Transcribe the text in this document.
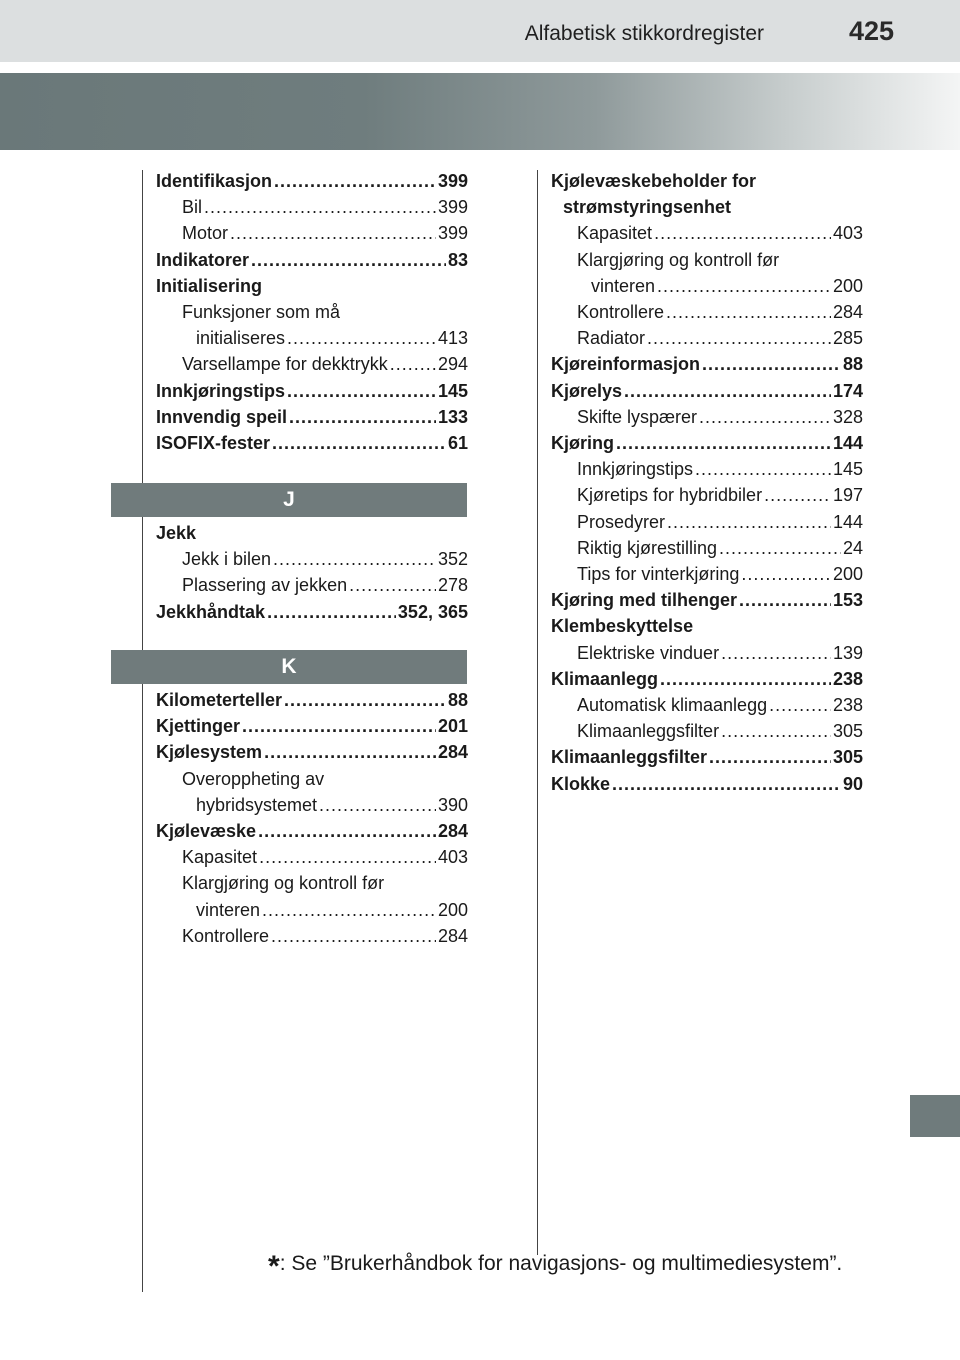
Alfabetisk stikkordregister	425
Identifikasjon .....	399
Bil .....	399
Motor .....	399
Indikatorer .....	83
Initialisering
Funksjoner som må
initialiseres .....	413
Varsellampe for dekktrykk .....	294
Innkjøringstips .....	145
Innvendig speil .....	133
ISOFIX-fester .....	61
J
Jekk
Jekk i bilen .....	352
Plassering av jekken .....	278
Jekkhåndtak .....	352, 365
K
Kilometerteller .....	88
Kjettinger .....	201
Kjølesystem .....	284
Overoppheting av
hybridsystemet .....	390
Kjølevæske .....	284
Kapasitet .....	403
Klargjøring og kontroll før
vinteren .....	200
Kontrollere .....	284
Kjølevæskebeholder for
strømstyringsenhet
Kapasitet .....	403
Klargjøring og kontroll før
vinteren .....	200
Kontrollere .....	284
Radiator .....	285
Kjøreinformasjon .....	88
Kjørelys .....	174
Skifte lyspærer .....	328
Kjøring .....	144
Innkjøringstips .....	145
Kjøretips for hybridbiler .....	197
Prosedyrer .....	144
Riktig kjørestilling .....	24
Tips for vinterkjøring .....	200
Kjøring med tilhenger .....	153
Klembeskyttelse
Elektriske vinduer .....	139
Klimaanlegg .....	238
Automatisk klimaanlegg .....	238
Klimaanleggsfilter .....	305
Klimaanleggsfilter .....	305
Klokke .....	90
*: Se ”Brukerhåndbok for navigasjons- og multimediesystem”.
